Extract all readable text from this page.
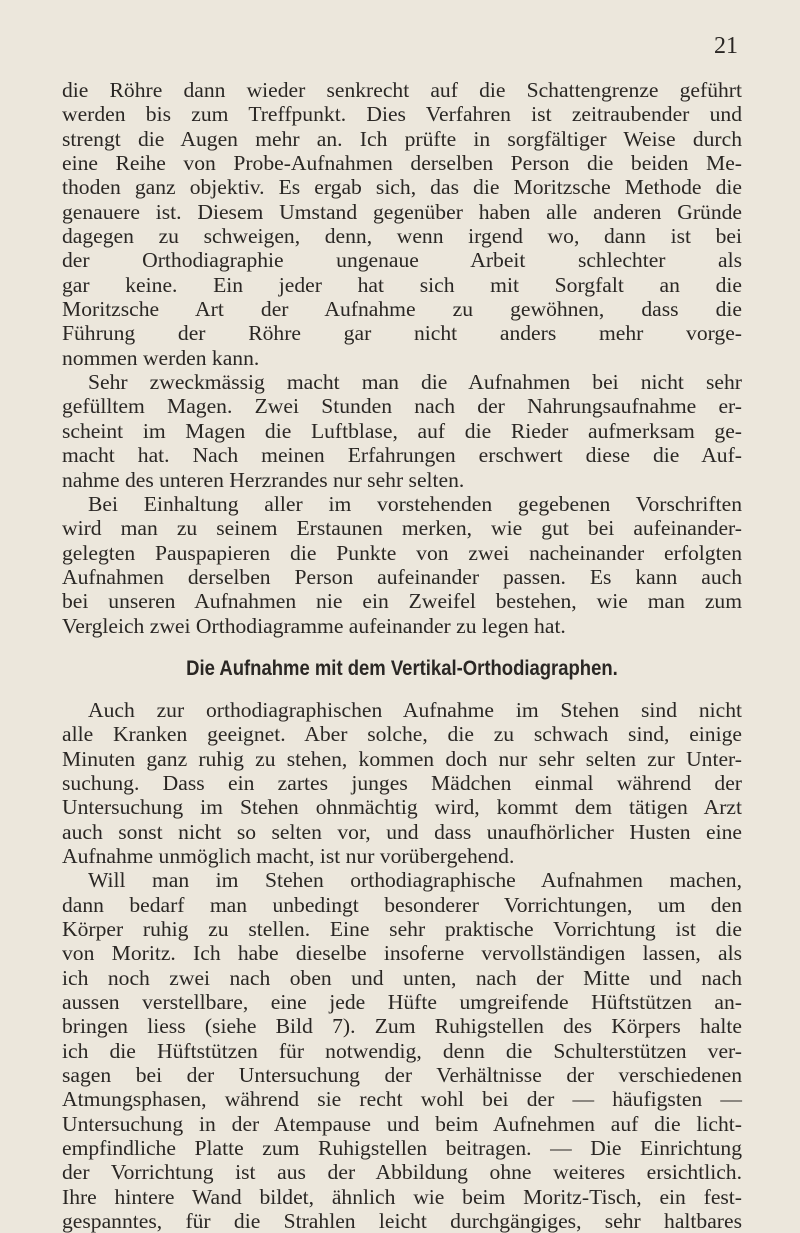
21
die Röhre dann wieder senkrecht auf die Schattengrenze geführt
werden bis zum Treffpunkt. Dies Verfahren ist zeitraubender und
strengt die Augen mehr an. Ich prüfte in sorgfältiger Weise durch
eine Reihe von Probe-Aufnahmen derselben Person die beiden Me-
thoden ganz objektiv. Es ergab sich, das die Moritzsche Methode die
genauere ist. Diesem Umstand gegenüber haben alle anderen Gründe
dagegen zu schweigen, denn, wenn irgend wo, dann ist bei
der Orthodiagraphie ungenaue Arbeit schlechter als
gar keine. Ein jeder hat sich mit Sorgfalt an die
Moritzsche Art der Aufnahme zu gewöhnen, dass die
Führung der Röhre gar nicht anders mehr vorge-
nommen werden kann.
Sehr zweckmässig macht man die Aufnahmen bei nicht sehr
gefülltem Magen. Zwei Stunden nach der Nahrungsaufnahme er-
scheint im Magen die Luftblase, auf die Rieder aufmerksam ge-
macht hat. Nach meinen Erfahrungen erschwert diese die Auf-
nahme des unteren Herzrandes nur sehr selten.
Bei Einhaltung aller im vorstehenden gegebenen Vorschriften
wird man zu seinem Erstaunen merken, wie gut bei aufeinander-
gelegten Pauspapieren die Punkte von zwei nacheinander erfolgten
Aufnahmen derselben Person aufeinander passen. Es kann auch
bei unseren Aufnahmen nie ein Zweifel bestehen, wie man zum
Vergleich zwei Orthodiagramme aufeinander zu legen hat.
Die Aufnahme mit dem Vertikal-Orthodiagraphen.
Auch zur orthodiagraphischen Aufnahme im Stehen sind nicht
alle Kranken geeignet. Aber solche, die zu schwach sind, einige
Minuten ganz ruhig zu stehen, kommen doch nur sehr selten zur Unter-
suchung. Dass ein zartes junges Mädchen einmal während der
Untersuchung im Stehen ohnmächtig wird, kommt dem tätigen Arzt
auch sonst nicht so selten vor, und dass unaufhörlicher Husten eine
Aufnahme unmöglich macht, ist nur vorübergehend.
Will man im Stehen orthodiagraphische Aufnahmen machen,
dann bedarf man unbedingt besonderer Vorrichtungen, um den
Körper ruhig zu stellen. Eine sehr praktische Vorrichtung ist die
von Moritz. Ich habe dieselbe insoferne vervollständigen lassen, als
ich noch zwei nach oben und unten, nach der Mitte und nach
aussen verstellbare, eine jede Hüfte umgreifende Hüftstützen an-
bringen liess (siehe Bild 7). Zum Ruhigstellen des Körpers halte
ich die Hüftstützen für notwendig, denn die Schulterstützen ver-
sagen bei der Untersuchung der Verhältnisse der verschiedenen
Atmungsphasen, während sie recht wohl bei der — häufigsten —
Untersuchung in der Atempause und beim Aufnehmen auf die licht-
empfindliche Platte zum Ruhigstellen beitragen. — Die Einrichtung
der Vorrichtung ist aus der Abbildung ohne weiteres ersichtlich.
Ihre hintere Wand bildet, ähnlich wie beim Moritz-Tisch, ein fest-
gespanntes, für die Strahlen leicht durchgängiges, sehr haltbares
